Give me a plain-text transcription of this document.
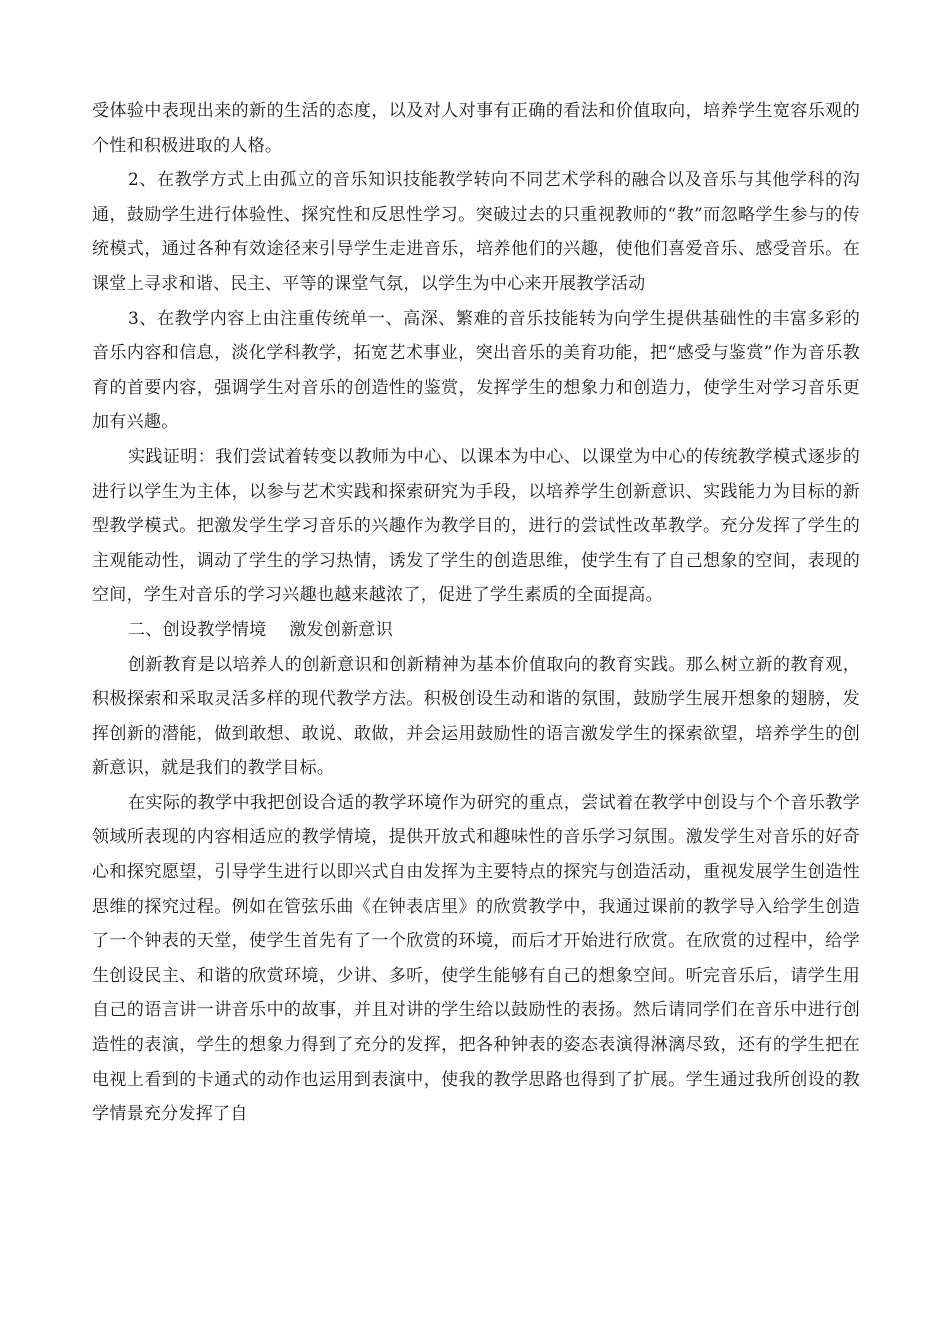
受体验中表现出来的新的生活的态度，以及对人对事有正确的看法和价值取向，培养学生宽容乐观的个性和积极进取的人格。

2、在教学方式上由孤立的音乐知识技能教学转向不同艺术学科的融合以及音乐与其他学科的沟通，鼓励学生进行体验性、探究性和反思性学习。突破过去的只重视教师的“教”而忽略学生参与的传统模式，通过各种有效途径来引导学生走进音乐，培养他们的兴趣，使他们喜爱音乐、感受音乐。在课堂上寻求和谐、民主、平等的课堂气氛，以学生为中心来开展教学活动

3、在教学内容上由注重传统单一、高深、繁难的音乐技能转为向学生提供基础性的丰富多彩的音乐内容和信息，淡化学科教学，拓宽艺术事业，突出音乐的美育功能，把“感受与鉴赏”作为音乐教育的首要内容，强调学生对音乐的创造性的鉴赏，发挥学生的想象力和创造力，使学生对学习音乐更加有兴趣。

实践证明：我们尝试着转变以教师为中心、以课本为中心、以课堂为中心的传统教学模式逐步的进行以学生为主体，以参与艺术实践和探索研究为手段，以培养学生创新意识、实践能力为目标的新型教学模式。把激发学生学习音乐的兴趣作为教学目的，进行的尝试性改革教学。充分发挥了学生的主观能动性，调动了学生的学习热情，诱发了学生的创造思维，使学生有了自己想象的空间，表现的空间，学生对音乐的学习兴趣也越来越浓了，促进了学生素质的全面提高。

二、创设教学情境    激发创新意识

创新教育是以培养人的创新意识和创新精神为基本价值取向的教育实践。那么树立新的教育观，积极探索和采取灵活多样的现代教学方法。积极创设生动和谐的氛围，鼓励学生展开想象的翅膀，发挥创新的潜能，做到敢想、敢说、敢做，并会运用鼓励性的语言激发学生的探索欲望，培养学生的创新意识，就是我们的教学目标。

在实际的教学中我把创设合适的教学环境作为研究的重点，尝试着在教学中创设与个个音乐教学领域所表现的内容相适应的教学情境，提供开放式和趣味性的音乐学习氛围。激发学生对音乐的好奇心和探究愿望，引导学生进行以即兴式自由发挥为主要特点的探究与创造活动，重视发展学生创造性思维的探究过程。例如在管弦乐曲《在钟表店里》的欣赏教学中，我通过课前的教学导入给学生创造了一个钟表的天堂，使学生首先有了一个欣赏的环境，而后才开始进行欣赏。在欣赏的过程中，给学生创设民主、和谐的欣赏环境，少讲、多听，使学生能够有自己的想象空间。听完音乐后，请学生用自己的语言讲一讲音乐中的故事，并且对讲的学生给以鼓励性的表扬。然后请同学们在音乐中进行创造性的表演，学生的想象力得到了充分的发挥，把各种钟表的姿态表演得淋漓尽致，还有的学生把在电视上看到的卡通式的动作也运用到表演中，使我的教学思路也得到了扩展。学生通过我所创设的教学情景充分发挥了自
